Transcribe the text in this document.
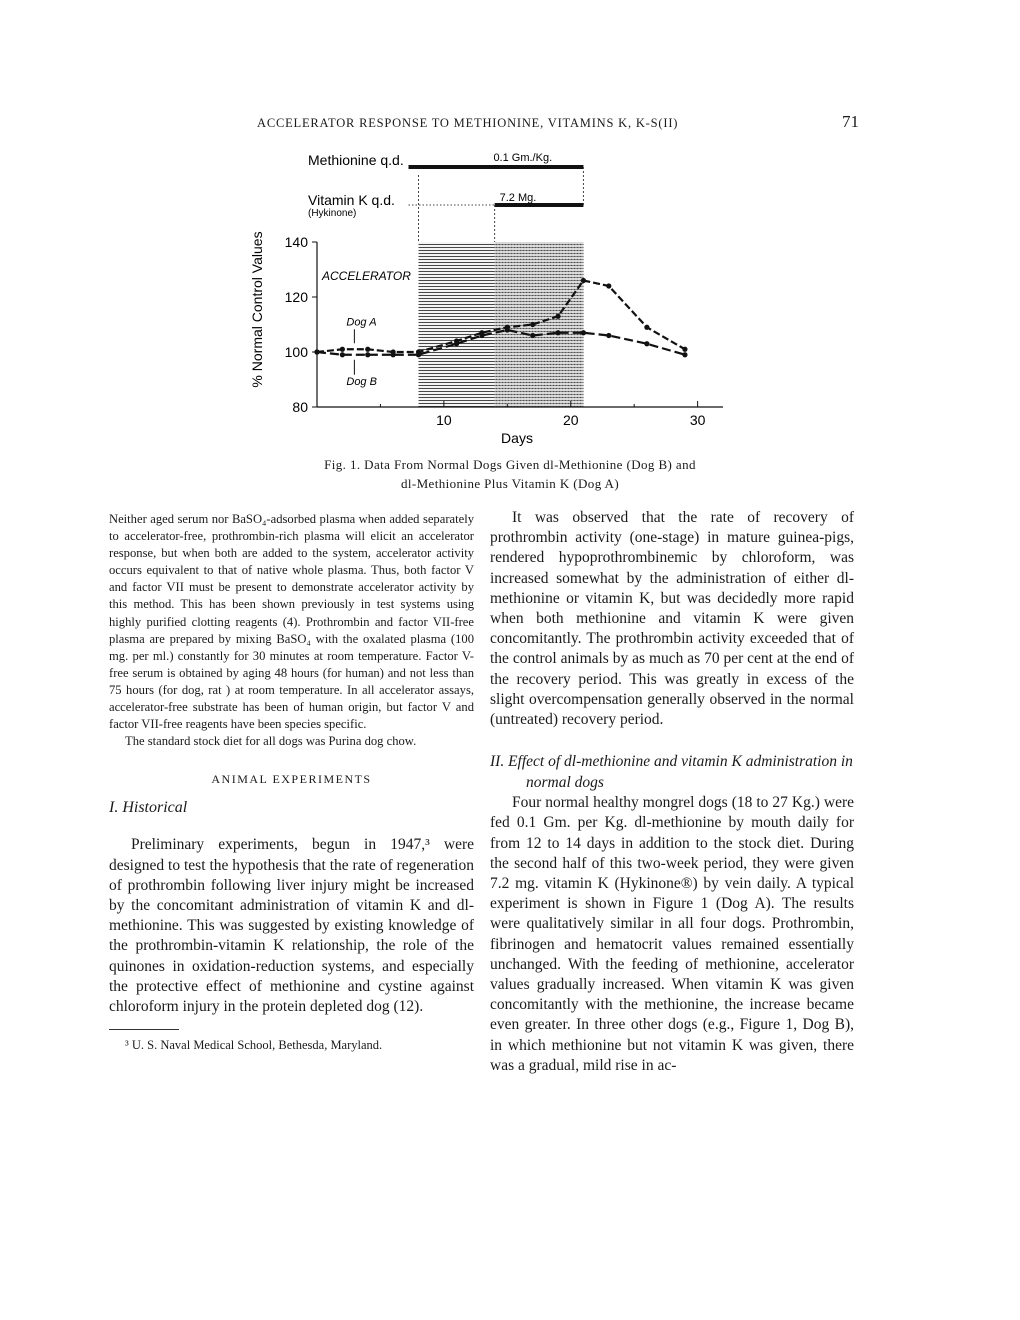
ACCELERATOR RESPONSE TO METHIONINE, VITAMINS K, K-S(II)	71
Methionine q.d.	0.1 Gm./Kg.
Vitamin K q.d.
(Hykinone)
7.2 Mg.
ACCELERATOR
10	20	30
80
100
120
140
Days
% Normal Control Values	Dog A
Dog B
Fig. 1. Data From Normal Dogs Given dl-Methionine (Dog B) and
dl-Methionine Plus Vitamin K (Dog A)

Neither aged serum nor BaSO₄-adsorbed plasma when added separately to accelerator-free, prothrombin-rich plasma will elicit an accelerator response, but when both are added to the system, accelerator activity occurs equivalent to that of native whole plasma. Thus, both factor V and factor VII must be present to demonstrate accelerator activity by this method. This has been shown previously in test systems using highly purified clotting reagents (4). Prothrombin and factor VII-free plasma are prepared by mixing BaSO₄ with the oxalated plasma (100 mg. per ml.) constantly for 30 minutes at room temperature. Factor V-free serum is obtained by aging 48 hours (for human) and not less than 75 hours (for dog, rat ) at room temperature. In all accelerator assays, accelerator-free substrate has been of human origin, but factor V and factor VII-free reagents have been species specific.

The standard stock diet for all dogs was Purina dog chow.

ANIMAL EXPERIMENTS
I. Historical

Preliminary experiments, begun in 1947,³ were designed to test the hypothesis that the rate of regeneration of prothrombin following liver injury might be increased by the concomitant administration of vitamin K and dl-methionine. This was suggested by existing knowledge of the prothrombin-vitamin K relationship, the role of the quinones in oxidation-reduction systems, and especially the protective effect of methionine and cystine against chloroform injury in the protein depleted dog (12).

³ U. S. Naval Medical School, Bethesda, Maryland.

It was observed that the rate of recovery of prothrombin activity (one-stage) in mature guinea-pigs, rendered hypoprothrombinemic by chloroform, was increased somewhat by the administration of either dl-methionine or vitamin K, but was decidedly more rapid when both methionine and vitamin K were given concomitantly. The prothrombin activity exceeded that of the control animals by as much as 70 per cent at the end of the recovery period. This was greatly in excess of the slight overcompensation generally observed in the normal (untreated) recovery period.

II. Effect of dl-methionine and vitamin K administration in normal dogs

Four normal healthy mongrel dogs (18 to 27 Kg.) were fed 0.1 Gm. per Kg. dl-methionine by mouth daily for from 12 to 14 days in addition to the stock diet. During the second half of this two-week period, they were given 7.2 mg. vitamin K (Hykinone®) by vein daily. A typical experiment is shown in Figure 1 (Dog A). The results were qualitatively similar in all four dogs. Prothrombin, fibrinogen and hematocrit values remained essentially unchanged. With the feeding of methionine, accelerator values gradually increased. When vitamin K was given concomitantly with the methionine, the increase became even greater. In three other dogs (e.g., Figure 1, Dog B), in which methionine but not vitamin K was given, there was a gradual, mild rise in ac-
